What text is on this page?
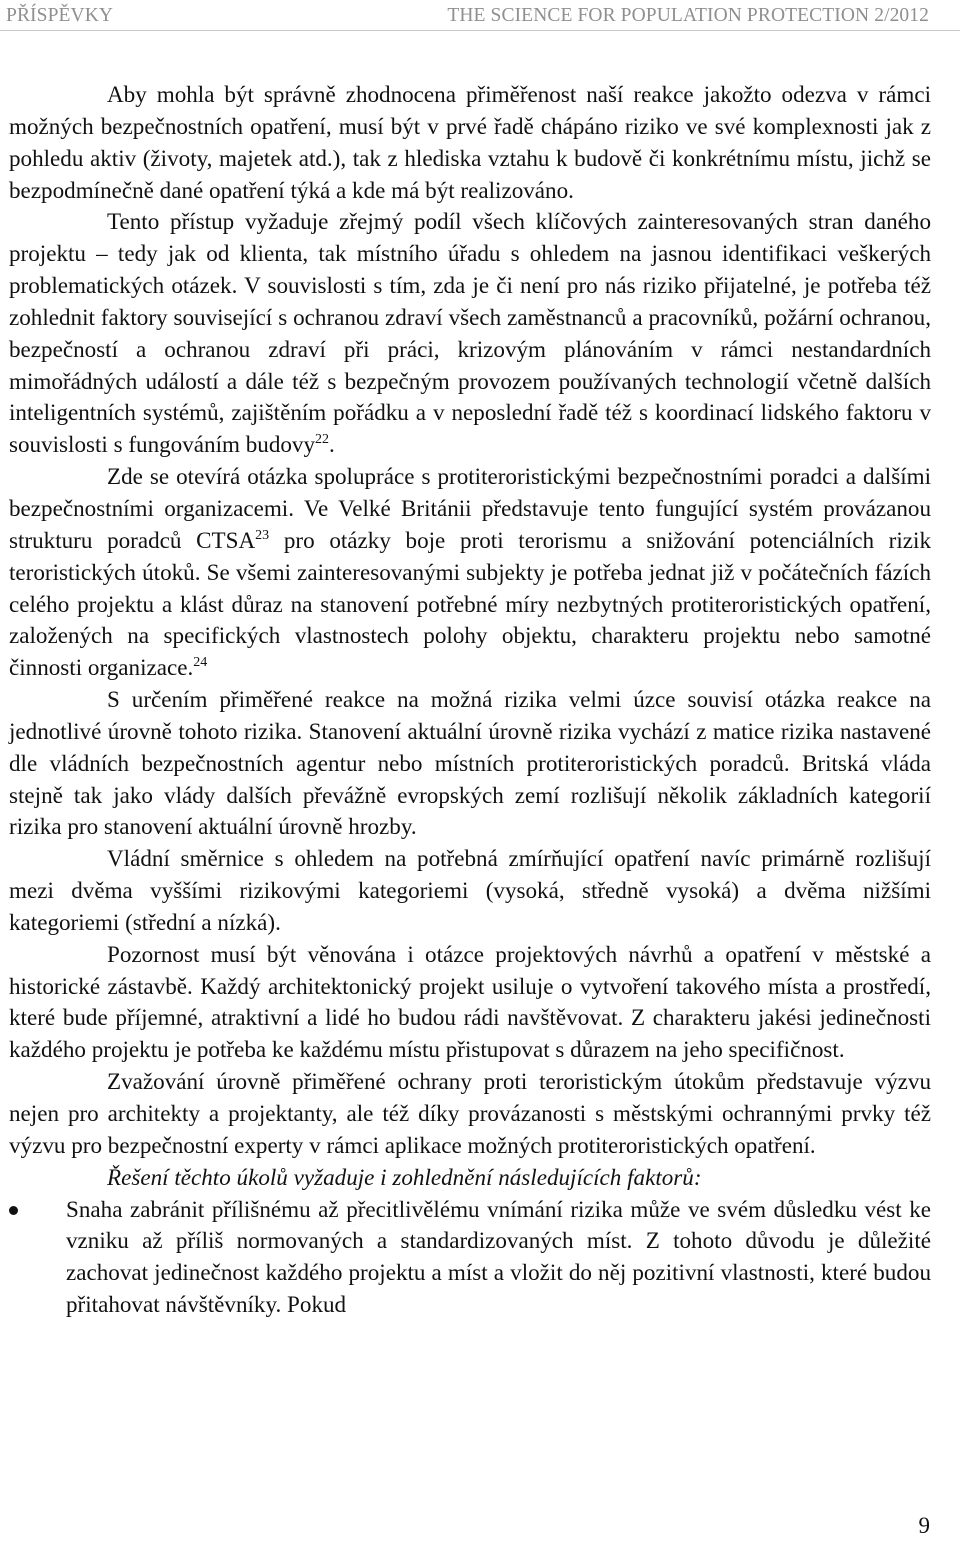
PŘÍSPĚVKY	THE SCIENCE FOR POPULATION PROTECTION 2/2012

Aby mohla být správně zhodnocena přiměřenost naší reakce jakožto odezva v rámci možných bezpečnostních opatření, musí být v prvé řadě chápáno riziko ve své komplexnosti jak z pohledu aktiv (životy, majetek atd.), tak z hlediska vztahu k budově či konkrétnímu místu, jichž se bezpodmínečně dané opatření týká a kde má být realizováno.

Tento přístup vyžaduje zřejmý podíl všech klíčových zainteresovaných stran daného projektu – tedy jak od klienta, tak místního úřadu s ohledem na jasnou identifikaci veškerých problematických otázek. V souvislosti s tím, zda je či není pro nás riziko přijatelné, je potřeba též zohlednit faktory související s ochranou zdraví všech zaměstnanců a pracovníků, požární ochranou, bezpečností a ochranou zdraví při práci, krizovým plánováním v rámci nestandardních mimořádných událostí a dále též s bezpečným provozem používaných technologií včetně dalších inteligentních systémů, zajištěním pořádku a v neposlední řadě též s koordinací lidského faktoru v souvislosti s fungováním budovy$^{22}$.

Zde se otevírá otázka spolupráce s protiteroristickými bezpečnostními poradci a dalšími bezpečnostními organizacemi. Ve Velké Británii představuje tento fungující systém provázanou strukturu poradců CTSA$^{23}$ pro otázky boje proti terorismu a snižování potenciálních rizik teroristických útoků. Se všemi zainteresovanými subjekty je potřeba jednat již v počátečních fázích celého projektu a klást důraz na stanovení potřebné míry nezbytných protiteroristických opatření, založených na specifických vlastnostech polohy objektu, charakteru projektu nebo samotné činnosti organizace.$^{24}$

S určením přiměřené reakce na možná rizika velmi úzce souvisí otázka reakce na jednotlivé úrovně tohoto rizika. Stanovení aktuální úrovně rizika vychází z matice rizika nastavené dle vládních bezpečnostních agentur nebo místních protiteroristických poradců. Britská vláda stejně tak jako vlády dalších převážně evropských zemí rozlišují několik základních kategorií rizika pro stanovení aktuální úrovně hrozby.

Vládní směrnice s ohledem na potřebná zmírňující opatření navíc primárně rozlišují mezi dvěma vyššími rizikovými kategoriemi (vysoká, středně vysoká) a dvěma nižšími kategoriemi (střední a nízká).

Pozornost musí být věnována i otázce projektových návrhů a opatření v městské a historické zástavbě. Každý architektonický projekt usiluje o vytvoření takového místa a prostředí, které bude příjemné, atraktivní a lidé ho budou rádi navštěvovat. Z charakteru jakési jedinečnosti každého projektu je potřeba ke každému místu přistupovat s důrazem na jeho specifičnost.

Zvažování úrovně přiměřené ochrany proti teroristickým útokům představuje výzvu nejen pro architekty a projektanty, ale též díky provázanosti s městskými ochrannými prvky též výzvu pro bezpečnostní experty v rámci aplikace možných protiteroristických opatření.

Řešení těchto úkolů vyžaduje i zohlednění následujících faktorů:

Snaha zabránit přílišnému až přecitlivělému vnímání rizika může ve svém důsledku vést ke vzniku až příliš normovaných a standardizovaných míst. Z tohoto důvodu je důležité zachovat jedinečnost každého projektu a míst a vložit do něj pozitivní vlastnosti, které budou přitahovat návštěvníky. Pokud
9
